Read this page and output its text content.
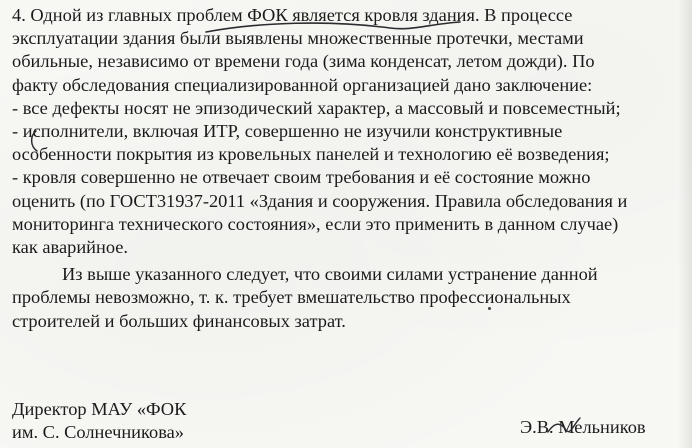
4. Одной из главных проблем ФОК является кровля здания. В процессе
эксплуатации здания были выявлены множественные протечки, местами
обильные, независимо от времени года (зима конденсат, летом дожди). По
факту обследования специализированной организацией дано заключение:
- все дефекты носят не эпизодический характер, а массовый и повсеместный;
- исполнители, включая ИТР, совершенно не изучили конструктивные
особенности покрытия из кровельных панелей и технологию её возведения;
- кровля совершенно не отвечает своим требования и её состояние можно
оценить (по ГОСТ31937-2011 «Здания и сооружения. Правила обследования и
мониторинга технического состояния», если это применить в данном случае)
как аварийное.
Из выше указанного следует, что своими силами устранение данной
проблемы невозможно, т. к. требует вмешательство профессиональных
строителей и больших финансовых затрат.
Директор МАУ «ФОК
им. С. Солнечникова»	Э.В. Мельников
